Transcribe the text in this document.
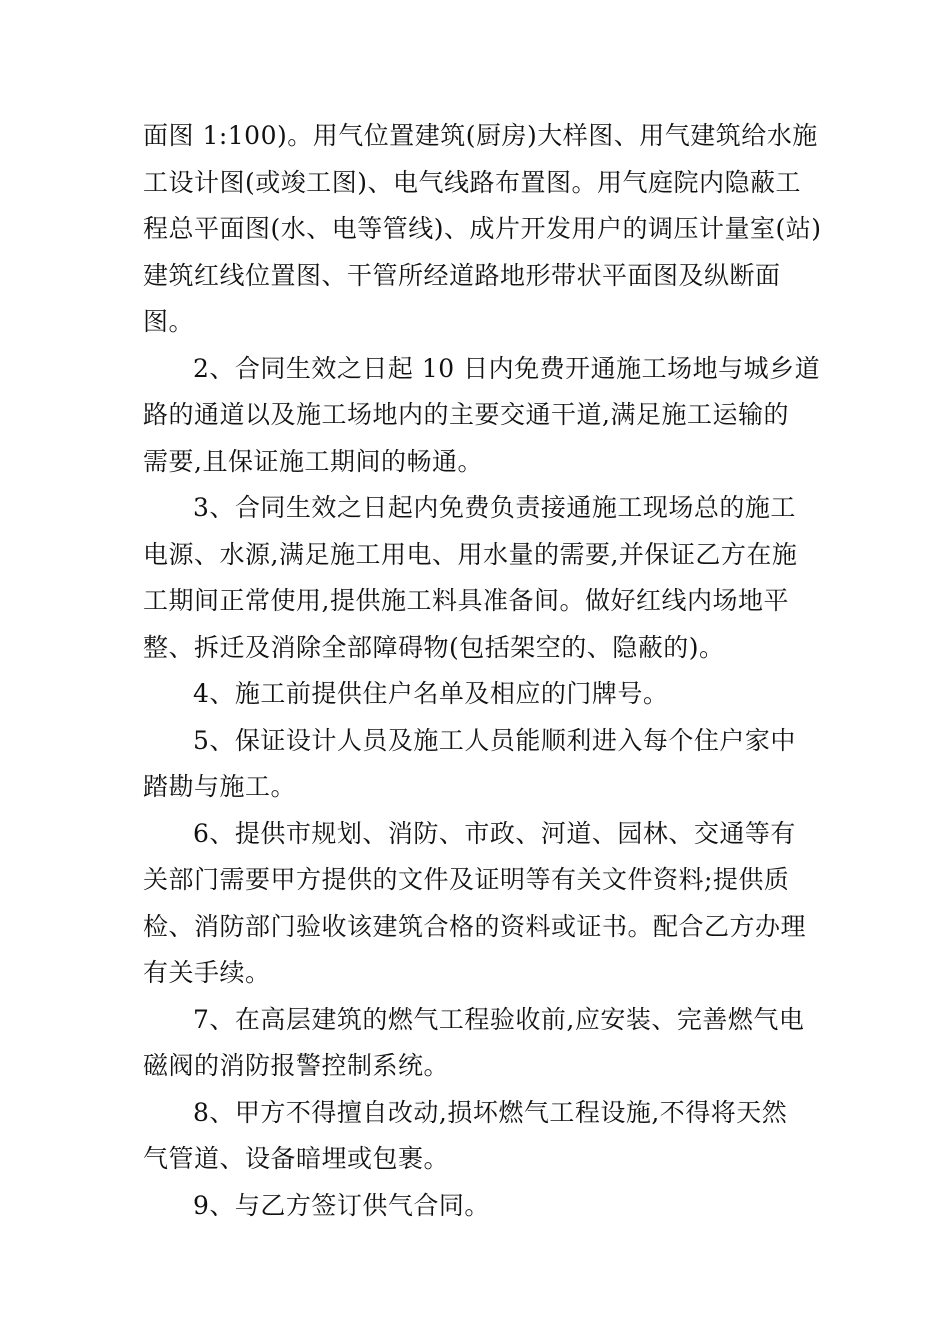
面图 1:100)。用气位置建筑(厨房)大样图、用气建筑给水施
工设计图(或竣工图)、电气线路布置图。用气庭院内隐蔽工
程总平面图(水、电等管线)、成片开发用户的调压计量室(站)
建筑红线位置图、干管所经道路地形带状平面图及纵断面
图。
2、合同生效之日起 10 日内免费开通施工场地与城乡道
路的通道以及施工场地内的主要交通干道,满足施工运输的
需要,且保证施工期间的畅通。
3、合同生效之日起内免费负责接通施工现场总的施工
电源、水源,满足施工用电、用水量的需要,并保证乙方在施
工期间正常使用,提供施工料具准备间。做好红线内场地平
整、拆迁及消除全部障碍物(包括架空的、隐蔽的)。
4、施工前提供住户名单及相应的门牌号。
5、保证设计人员及施工人员能顺利进入每个住户家中
踏勘与施工。
6、提供市规划、消防、市政、河道、园林、交通等有
关部门需要甲方提供的文件及证明等有关文件资料;提供质
检、消防部门验收该建筑合格的资料或证书。配合乙方办理
有关手续。
7、在高层建筑的燃气工程验收前,应安装、完善燃气电
磁阀的消防报警控制系统。
8、甲方不得擅自改动,损坏燃气工程设施,不得将天然
气管道、设备暗埋或包裹。
9、与乙方签订供气合同。
